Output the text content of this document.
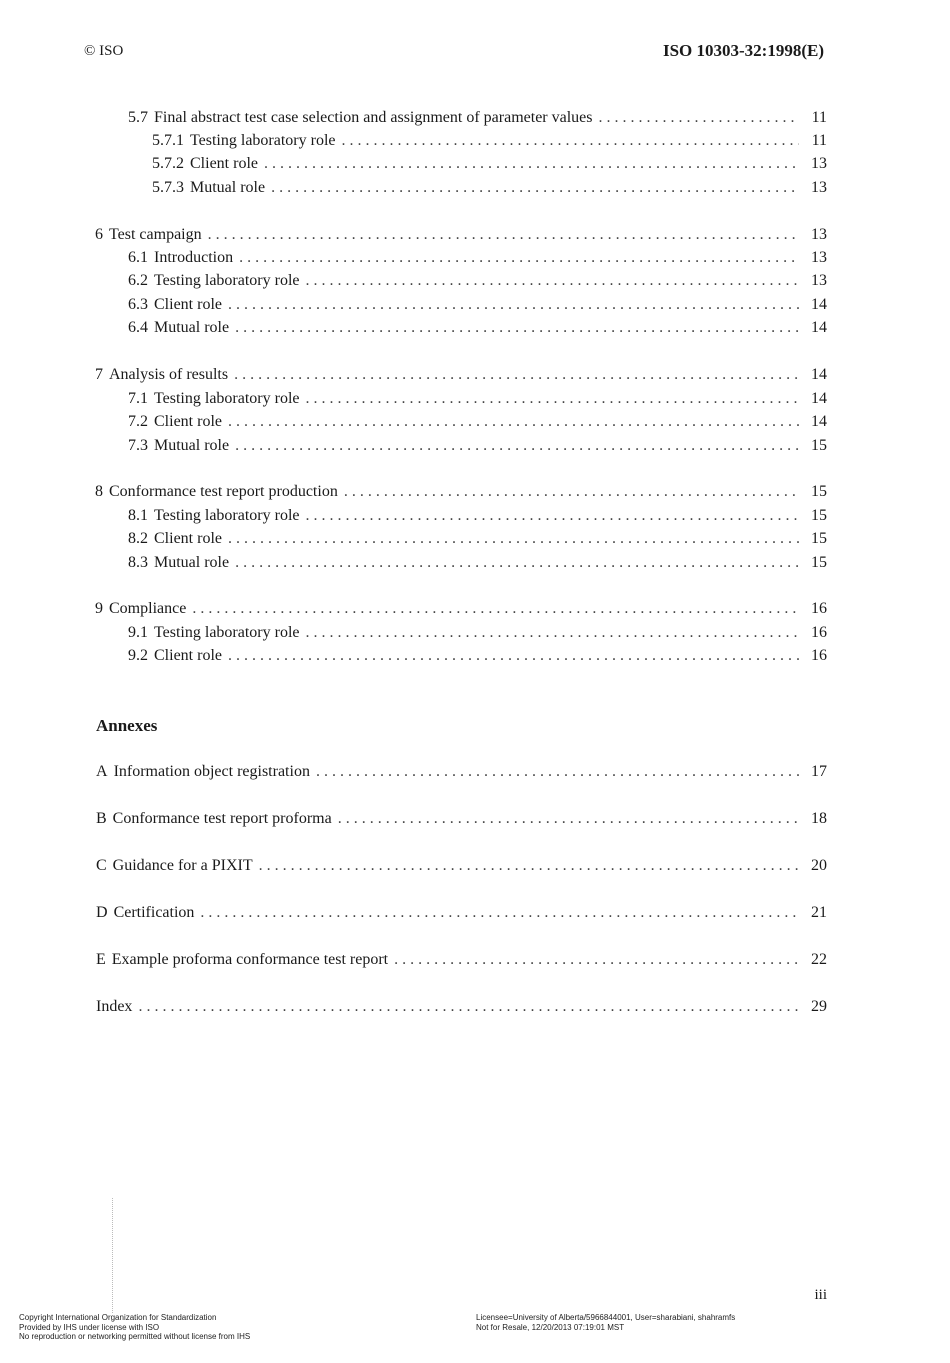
© ISO	ISO 10303-32:1998(E)
5.7 Final abstract test case selection and assignment of parameter values . . .	11
5.7.1 Testing laboratory role . . .	11
5.7.2 Client role . . .	13
5.7.3 Mutual role . . .	13
6 Test campaign . . .	13
6.1 Introduction . . .	13
6.2 Testing laboratory role . . .	13
6.3 Client role . . .	14
6.4 Mutual role . . .	14
7 Analysis of results . . .	14
7.1 Testing laboratory role . . .	14
7.2 Client role . . .	14
7.3 Mutual role . . .	15
8 Conformance test report production . . .	15
8.1 Testing laboratory role . . .	15
8.2 Client role . . .	15
8.3 Mutual role . . .	15
9 Compliance . . .	16
9.1 Testing laboratory role . . .	16
9.2 Client role . . .	16
Annexes
A Information object registration . . .	17
B Conformance test report proforma . . .	18
C Guidance for a PIXIT . . .	20
D Certification . . .	21
E Example proforma conformance test report . . .	22
Index . . .	29
iii
Copyright International Organization for Standardization
Provided by IHS under license with ISO
No reproduction or networking permitted without license from IHS
Licensee=University of Alberta/5966844001, User=sharabiani, shahramfs
Not for Resale, 12/20/2013 07:19:01 MST
